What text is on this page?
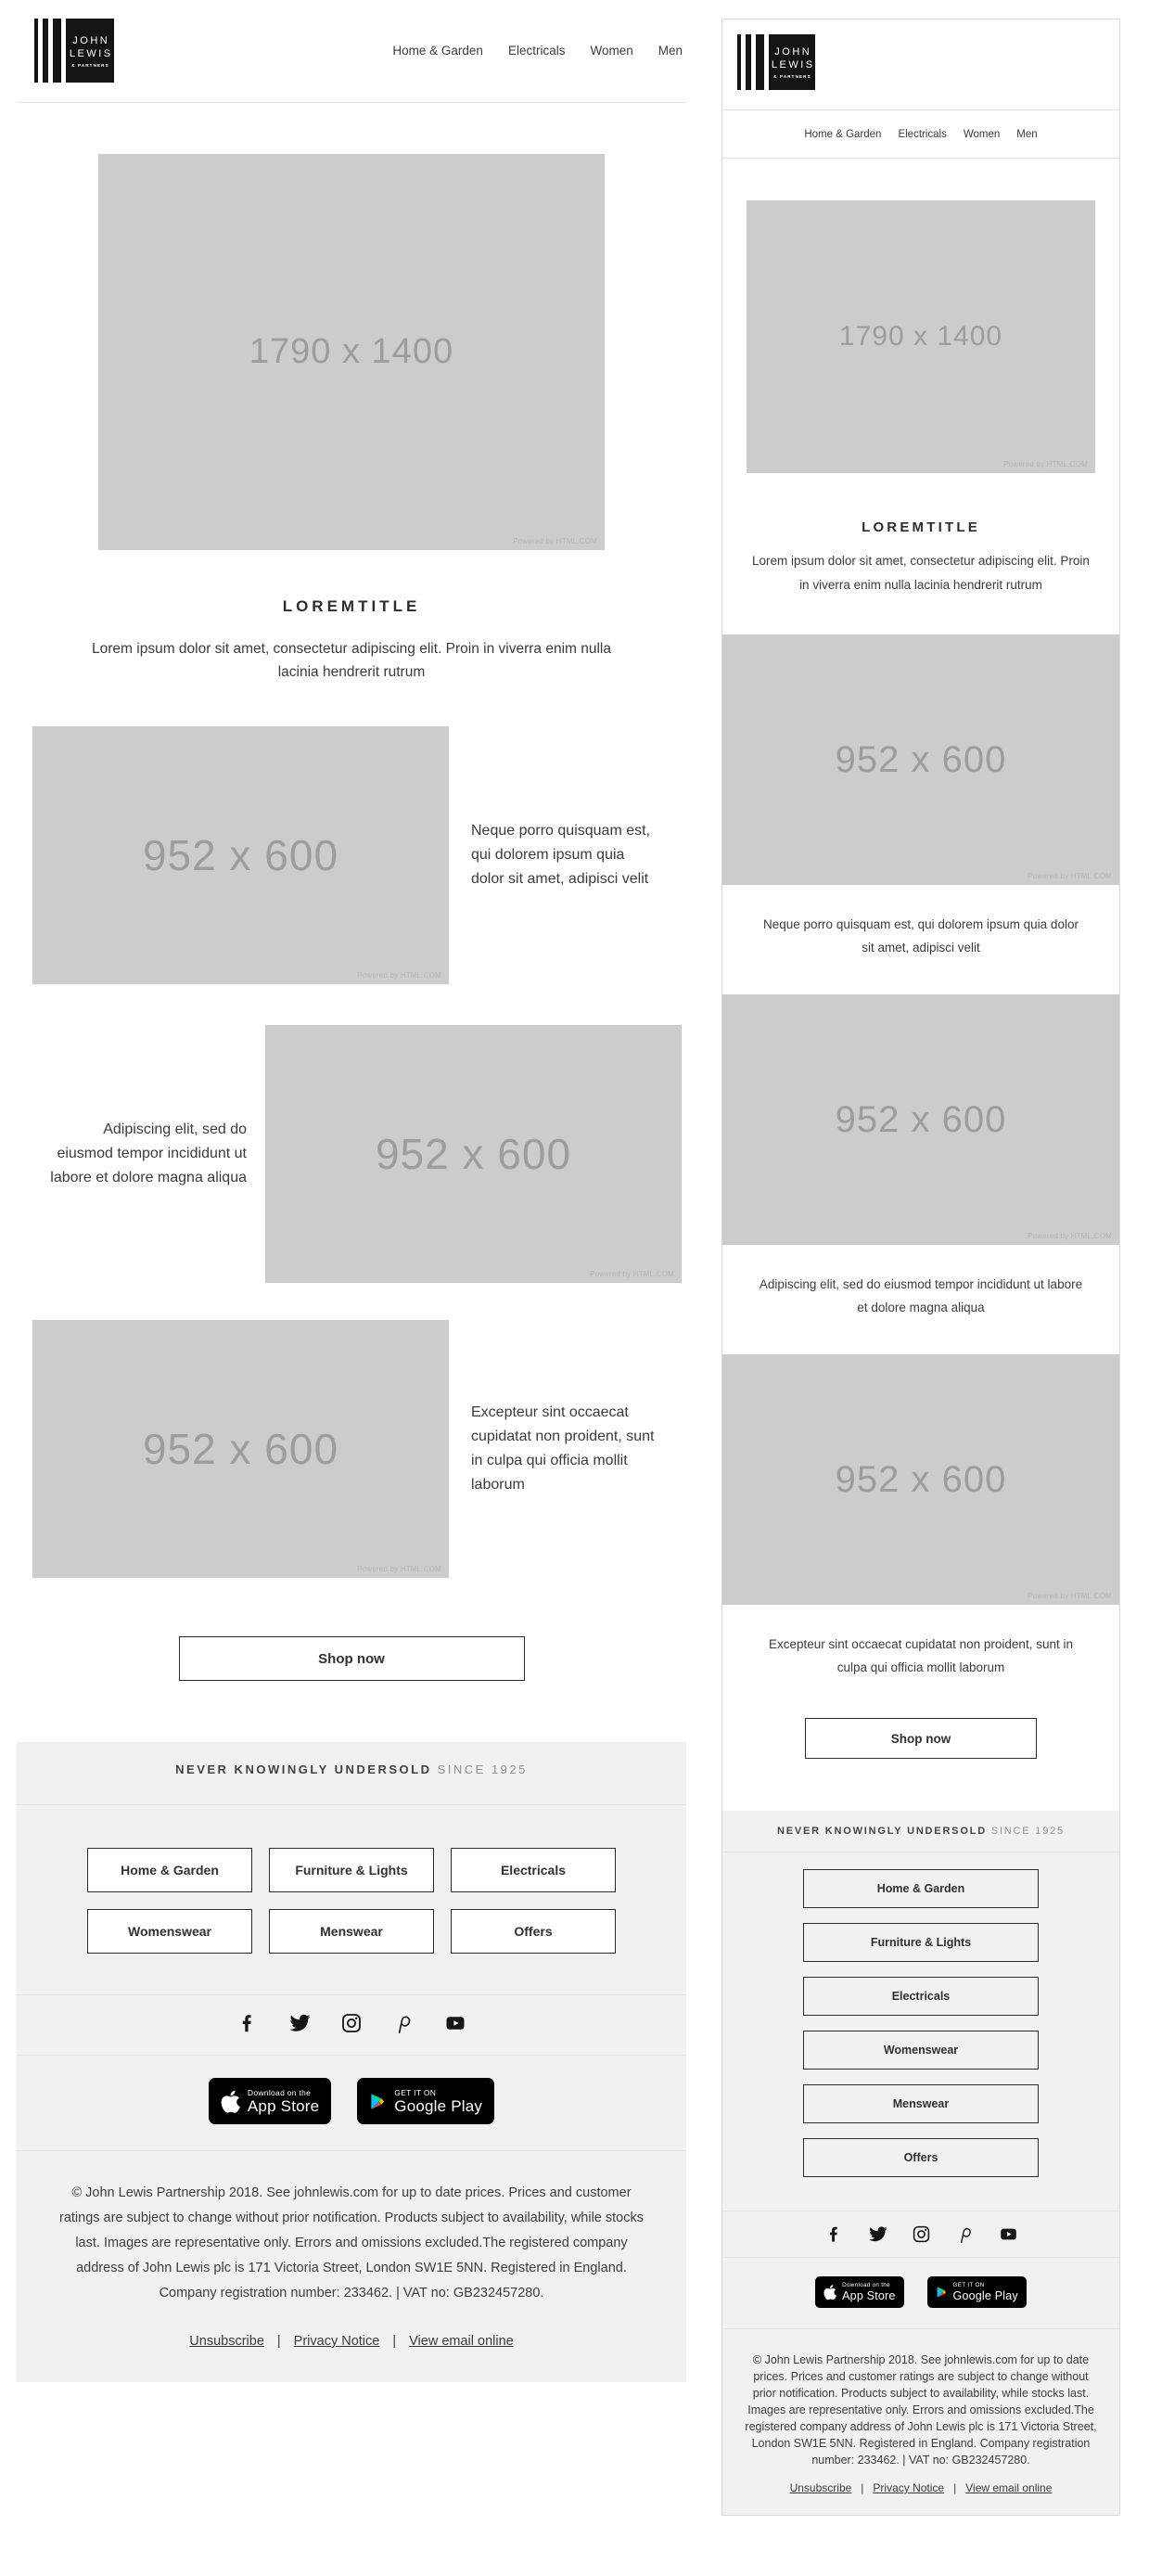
JOHN
LEWIS
& PARTNERS
Home & Garden Electricals Women Men
1790 x 1400
Powered by HTML.COM
LOREMTITLE

Lorem ipsum dolor sit amet, consectetur adipiscing elit. Proin in viverra enim nulla lacinia hendrerit rutrum

952 x 600
Powered by HTML.COM

Neque porro quisquam est, qui dolorem ipsum quia dolor sit amet, adipisci velit

Adipiscing elit, sed do eiusmod tempor incididunt ut labore et dolore magna aliqua	952 x 600
Powered by HTML.COM
952 x 600
Powered by HTML.COM

Excepteur sint occaecat cupidatat non proident, sunt in culpa qui officia mollit laborum

Shop now
NEVER KNOWINGLY UNDERSOLD SINCE 1925
Home & Garden	Furniture & Lights	Electricals
Womenswear	Menswear	Offers
Download on the
App Store
GET IT ON
Google Play

© John Lewis Partnership 2018. See johnlewis.com for up to date prices. Prices and customer ratings are subject to change without prior notification. Products subject to availability, while stocks last. Images are representative only. Errors and omissions excluded.The registered company address of John Lewis plc is 171 Victoria Street, London SW1E 5NN. Registered in England. Company registration number: 233462. | VAT no: GB232457280.

Unsubscribe | Privacy Notice | View email online
JOHN
LEWIS
& PARTNERS
Home & Garden Electricals Women Men
1790 x 1400
Powered by HTML.COM
LOREMTITLE

Lorem ipsum dolor sit amet, consectetur adipiscing elit. Proin in viverra enim nulla lacinia hendrerit rutrum

952 x 600
Powered by HTML.COM

Neque porro quisquam est, qui dolorem ipsum quia dolor sit amet, adipisci velit

952 x 600
Powered by HTML.COM

Adipiscing elit, sed do eiusmod tempor incididunt ut labore et dolore magna aliqua

952 x 600
Powered by HTML.COM

Excepteur sint occaecat cupidatat non proident, sunt in culpa qui officia mollit laborum

Shop now
NEVER KNOWINGLY UNDERSOLD SINCE 1925
Home & Garden
Furniture & Lights
Electricals
Womenswear
Menswear
Offers
Download on the
App Store
GET IT ON
Google Play

© John Lewis Partnership 2018. See johnlewis.com for up to date prices. Prices and customer ratings are subject to change without prior notification. Products subject to availability, while stocks last. Images are representative only. Errors and omissions excluded.The registered company address of John Lewis plc is 171 Victoria Street, London SW1E 5NN. Registered in England. Company registration number: 233462. | VAT no: GB232457280.

Unsubscribe | Privacy Notice | View email online
